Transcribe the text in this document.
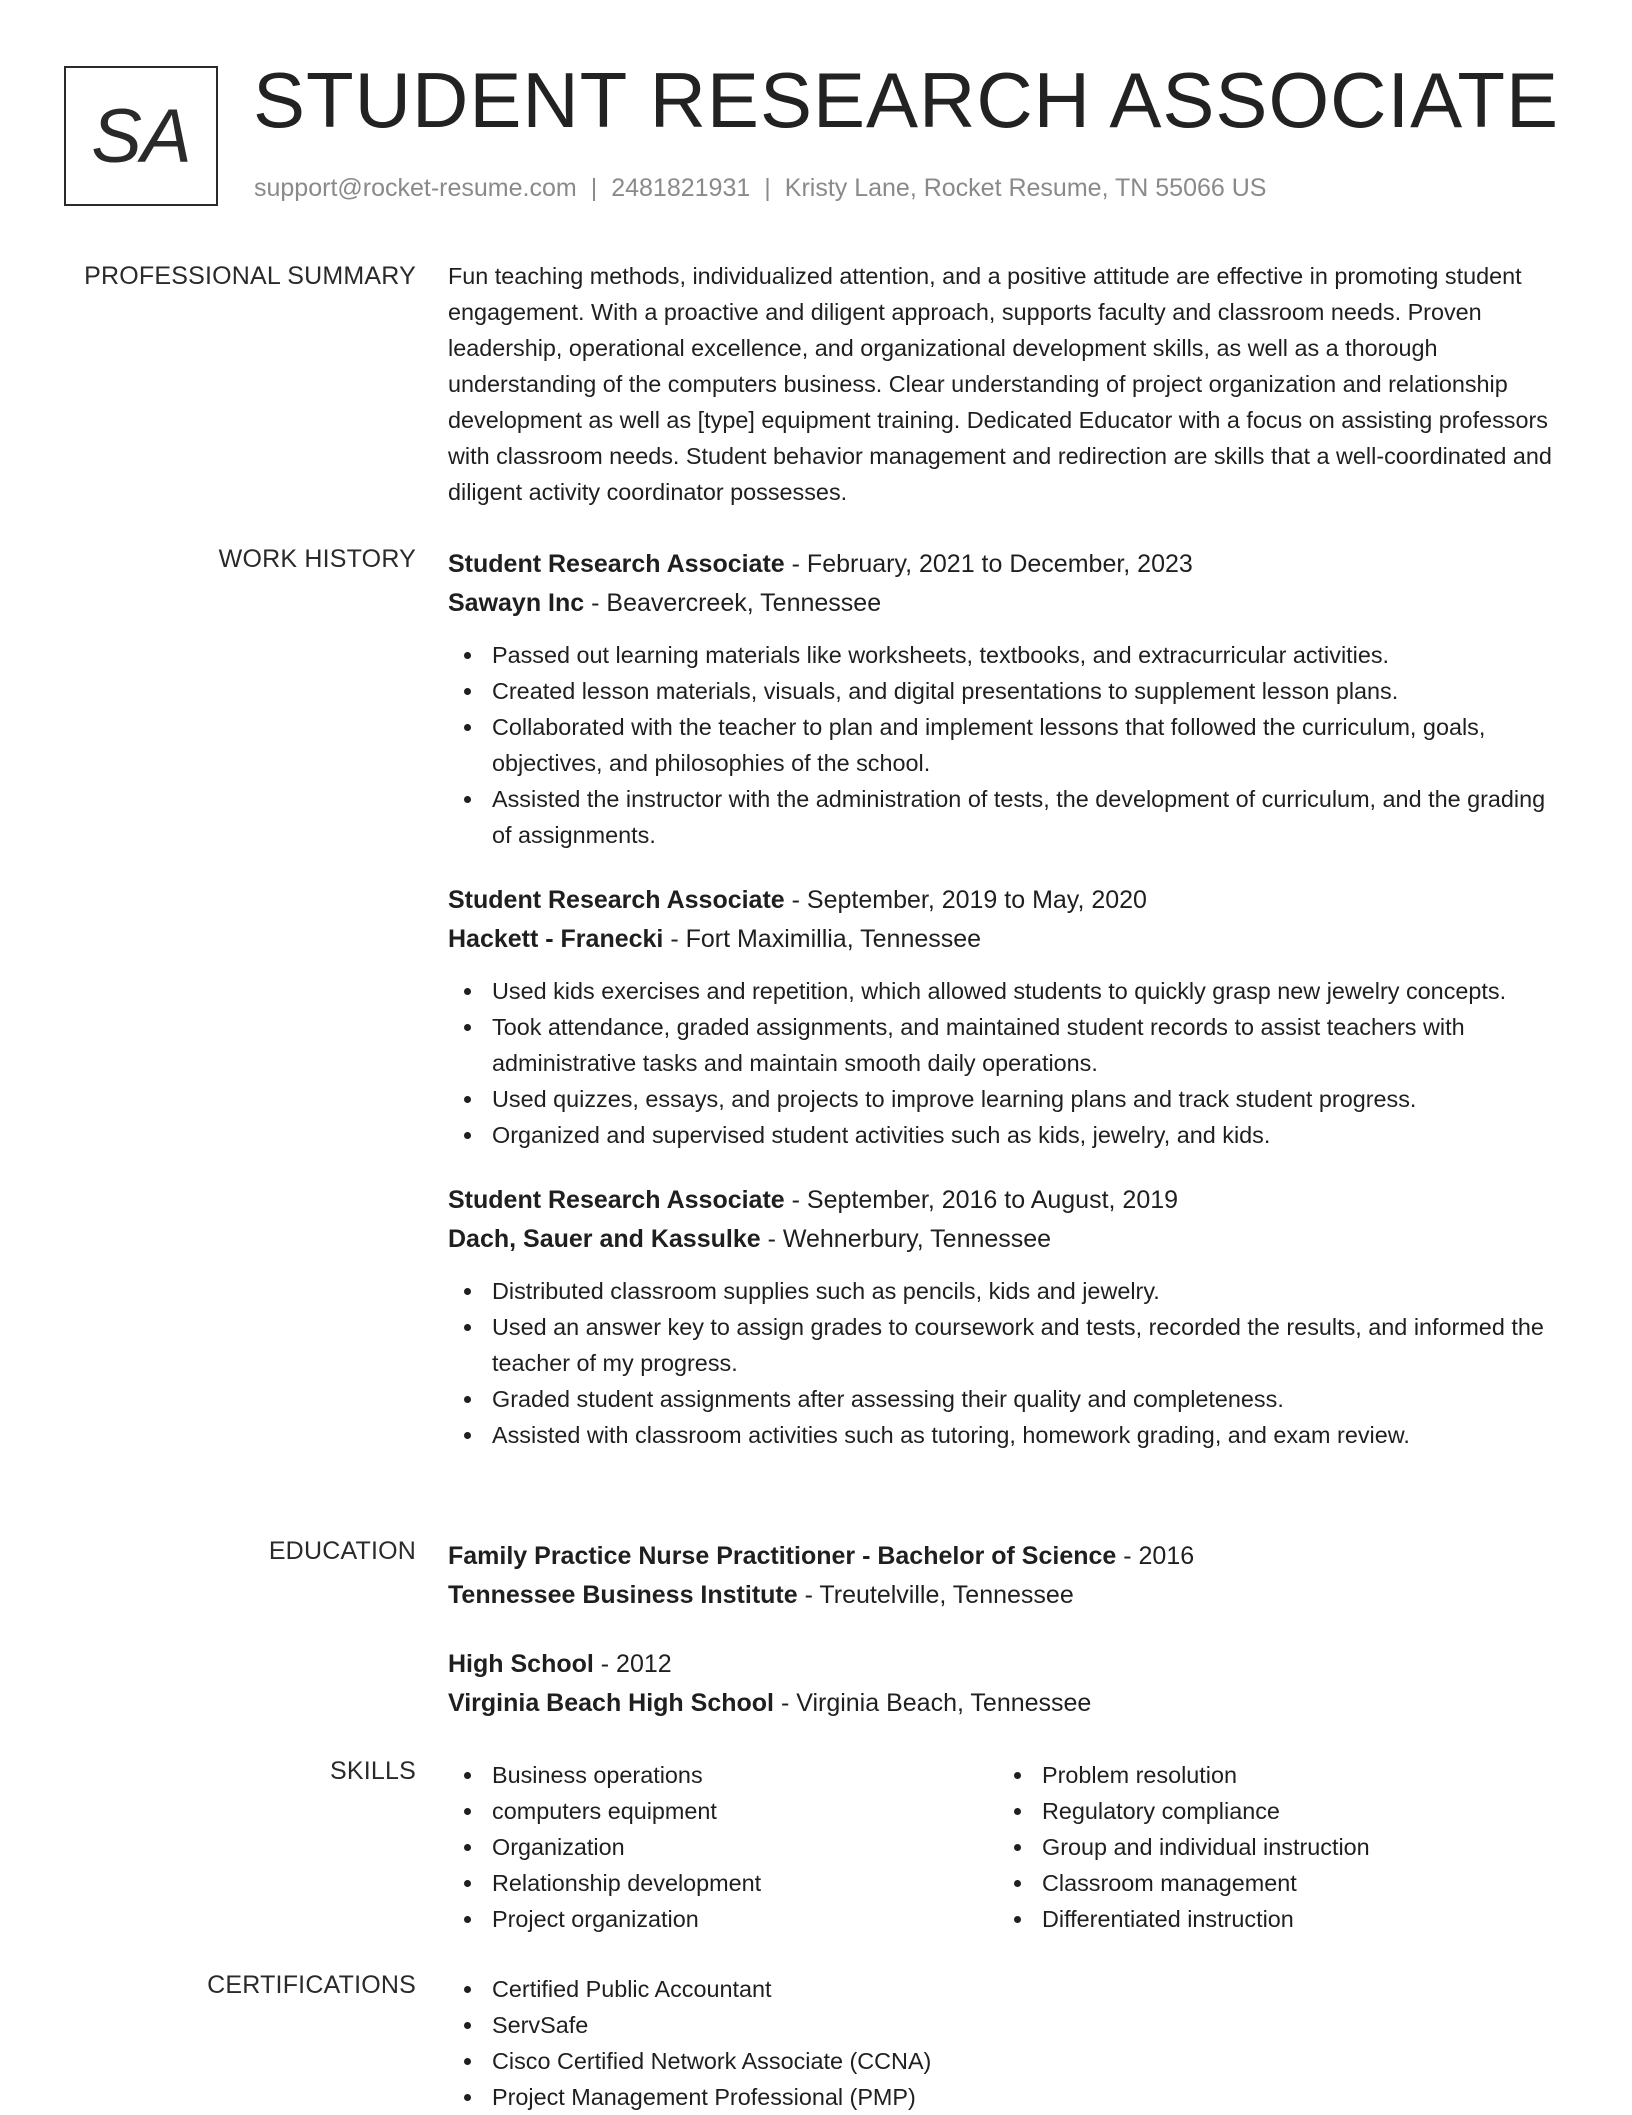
SA STUDENT RESEARCH ASSOCIATE
support@rocket-resume.com | 2481821931 | Kristy Lane, Rocket Resume, TN 55066 US
PROFESSIONAL SUMMARY Fun teaching methods, individualized attention, and a positive attitude are effective in promoting student engagement. With a proactive and diligent approach, supports faculty and classroom needs. Proven leadership, operational excellence, and organizational development skills, as well as a thorough understanding of the computers business. Clear understanding of project organization and relationship development as well as [type] equipment training. Dedicated Educator with a focus on assisting professors with classroom needs. Student behavior management and redirection are skills that a well-coordinated and diligent activity coordinator possesses.

WORK HISTORY Student Research Associate - February, 2021 to December, 2023
Sawayn Inc - Beavercreek, Tennessee
Passed out learning materials like worksheets, textbooks, and extracurricular activities.
Created lesson materials, visuals, and digital presentations to supplement lesson plans.
Collaborated with the teacher to plan and implement lessons that followed the curriculum, goals, objectives, and philosophies of the school.
Assisted the instructor with the administration of tests, the development of curriculum, and the grading of assignments.
Student Research Associate - September, 2019 to May, 2020
Hackett - Franecki - Fort Maximillia, Tennessee
Used kids exercises and repetition, which allowed students to quickly grasp new jewelry concepts.
Took attendance, graded assignments, and maintained student records to assist teachers with administrative tasks and maintain smooth daily operations.
Used quizzes, essays, and projects to improve learning plans and track student progress.
Organized and supervised student activities such as kids, jewelry, and kids.
Student Research Associate - September, 2016 to August, 2019
Dach, Sauer and Kassulke - Wehnerbury, Tennessee
Distributed classroom supplies such as pencils, kids and jewelry.
Used an answer key to assign grades to coursework and tests, recorded the results, and informed the teacher of my progress.
Graded student assignments after assessing their quality and completeness.
Assisted with classroom activities such as tutoring, homework grading, and exam review.
EDUCATION Family Practice Nurse Practitioner - Bachelor of Science - 2016
Tennessee Business Institute - Treutelville, Tennessee
High School - 2012
Virginia Beach High School - Virginia Beach, Tennessee
SKILLS	Business operations
computers equipment
Organization
Relationship development
Project organization
Problem resolution
Regulatory compliance
Group and individual instruction
Classroom management
Differentiated instruction
CERTIFICATIONS	Certified Public Accountant
ServSafe
Cisco Certified Network Associate (CCNA)
Project Management Professional (PMP)
